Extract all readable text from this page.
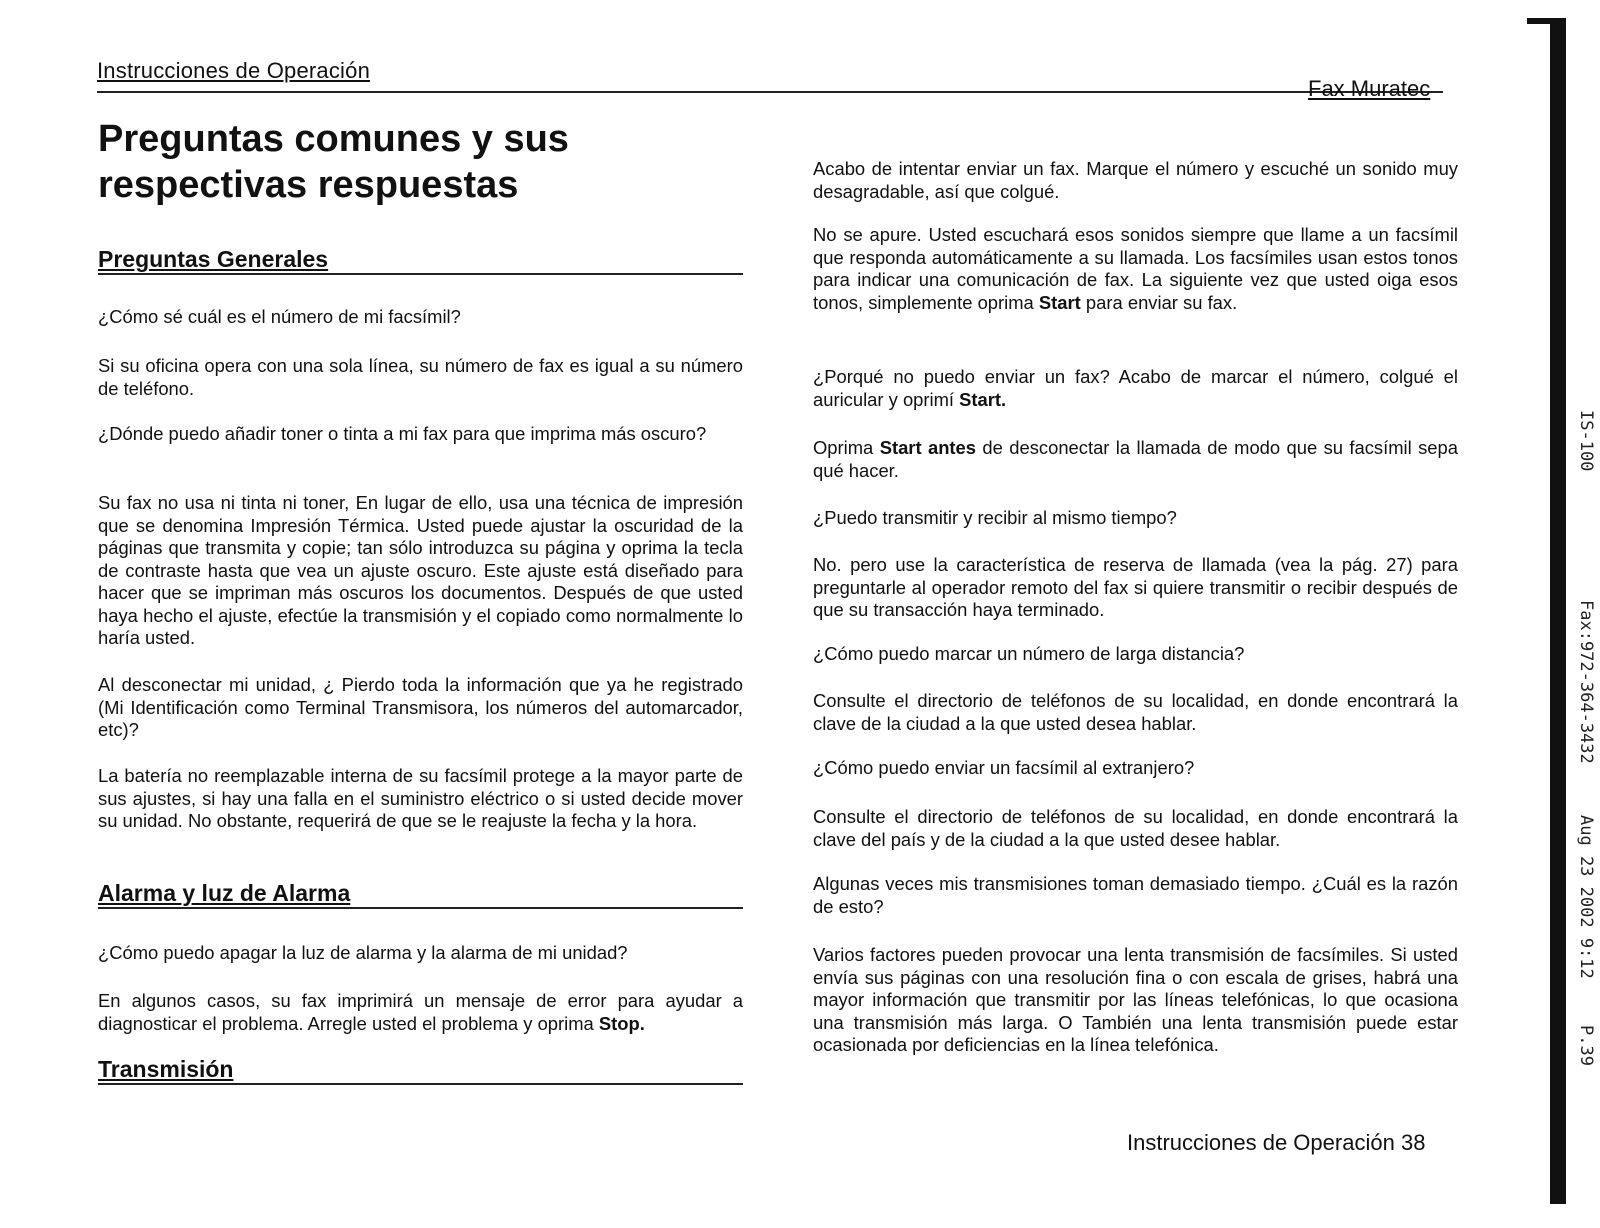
Instrucciones de Operación
Fax Muratec
Preguntas comunes y sus
respectivas respuestas
Preguntas Generales

¿Cómo sé cuál es el número de mi facsímil?

Si su oficina opera con una sola línea, su número de fax es igual a su número de teléfono.

¿Dónde puedo añadir toner o tinta a mi fax para que imprima más oscuro?

Su fax no usa ni tinta ni toner, En lugar de ello, usa una técnica de impresión que se denomina Impresión Térmica. Usted puede ajustar la oscuridad de la páginas que transmita y copie; tan sólo introduzca su página y oprima la tecla de contraste hasta que vea un ajuste oscuro. Este ajuste está diseñado para hacer que se impriman más oscuros los documentos. Después de que usted haya hecho el ajuste, efectúe la transmisión y el copiado como normalmente lo haría usted.

Al desconectar mi unidad, ¿ Pierdo toda la información que ya he registrado (Mi Identificación como Terminal Transmisora, los números del automarcador, etc)?

La batería no reemplazable interna de su facsímil protege a la mayor parte de sus ajustes, si hay una falla en el suministro eléctrico o si usted decide mover su unidad. No obstante, requerirá de que se le reajuste la fecha y la hora.

Alarma y luz de Alarma

¿Cómo puedo apagar la luz de alarma y la alarma de mi unidad?

En algunos casos, su fax imprimirá un mensaje de error para ayudar a diagnosticar el problema. Arregle usted el problema y oprima Stop.

Transmisión

Acabo de intentar enviar un fax. Marque el número y escuché un sonido muy desagradable, así que colgué.

No se apure. Usted escuchará esos sonidos siempre que llame a un facsímil que responda automáticamente a su llamada. Los facsímiles usan estos tonos para indicar una comunicación de fax. La siguiente vez que usted oiga esos tonos, simplemente oprima Start para enviar su fax.

¿Porqué no puedo enviar un fax? Acabo de marcar el número, colgué el auricular y oprimí Start.

Oprima Start antes de desconectar la llamada de modo que su facsímil sepa qué hacer.

¿Puedo transmitir y recibir al mismo tiempo?

No. pero use la característica de reserva de llamada (vea la pág. 27) para preguntarle al operador remoto del fax si quiere transmitir o recibir después de que su transacción haya terminado.

¿Cómo puedo marcar un número de larga distancia?

Consulte el directorio de teléfonos de su localidad, en donde encontrará la clave de la ciudad a la que usted desea hablar.

¿Cómo puedo enviar un facsímil al extranjero?

Consulte el directorio de teléfonos de su localidad, en donde encontrará la clave del país y de la ciudad a la que usted desee hablar.

Algunas veces mis transmisiones toman demasiado tiempo. ¿Cuál es la razón de esto?

Varios factores pueden provocar una lenta transmisión de facsímiles. Si usted envía sus páginas con una resolución fina o con escala de grises, habrá una mayor información que transmitir por las líneas telefónicas, lo que ocasiona una transmisión más larga. O También una lenta transmisión puede estar ocasionada por deficiencias en la línea telefónica.

Instrucciones de Operación 38
IS-100
Fax:972-364-3432
Aug 23 2002 9:12
P.39
